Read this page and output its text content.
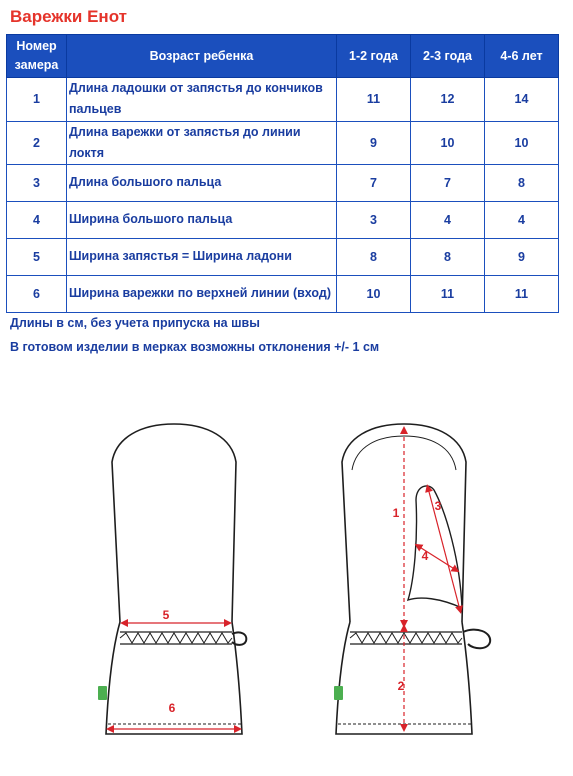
Варежки Енот
Номер замера	Возраст ребенка	1-2 года	2-3 года	4-6 лет
1	Длина ладошки от запястья до кончиков пальцев	11	12	14
2	Длина варежки от запястья до линии локтя	9	10	10
3	Длина большого пальца	7	7	8
4	Ширина большого пальца	3	4	4
5	Ширина запястья = Ширина ладони	8	8	9
6	Ширина варежки по верхней линии (вход)	10	11	11

Длины в см, без учета припуска на швы

В готовом изделии в мерках возможны отклонения +/- 1 см

5
6
1
2
3
4
